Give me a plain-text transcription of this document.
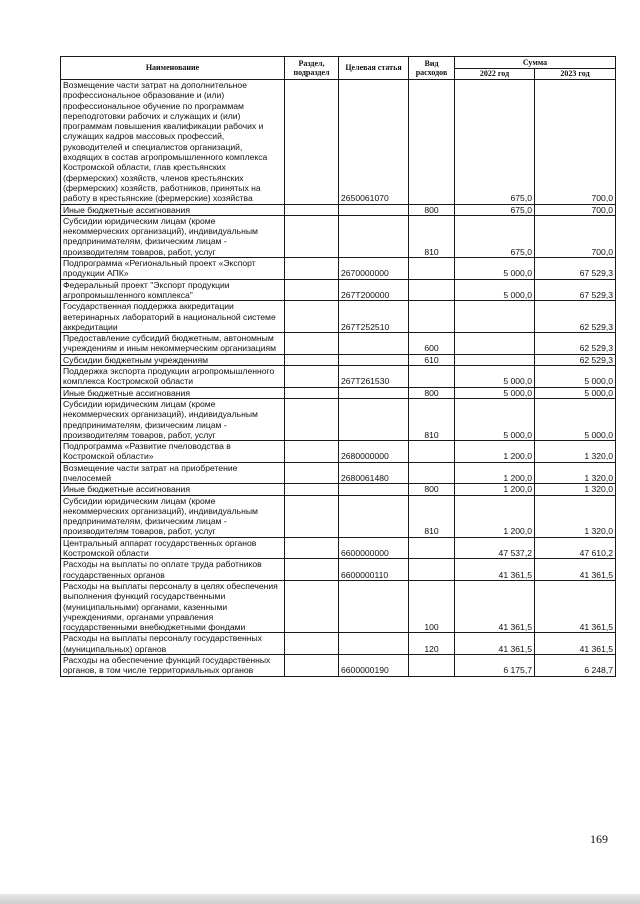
Наименование	Раздел, подраздел	Целевая статья	Вид расходов	Сумма	
				2022 год	2023 год
Возмещение части затрат на дополнительное профессиональное образование и (или) профессиональное обучение по программам переподготовки рабочих и служащих и (или) программам повышения квалификации рабочих и служащих кадров массовых профессий, руководителей и специалистов организаций, входящих в состав агропромышленного комплекса Костромской области, глав крестьянских (фермерских) хозяйств, членов крестьянских (фермерских) хозяйств, работников, принятых на работу в крестьянские (фермерские) хозяйства		2650061070		675,0	700,0
Иные бюджетные ассигнования			800	675,0	700,0
Субсидии юридическим лицам (кроме некоммерческих организаций), индивидуальным предпринимателям, физическим лицам - производителям товаров, работ, услуг			810	675,0	700,0
Подпрограмма «Региональный проект «Экспорт продукции АПК»		2670000000		5 000,0	67 529,3
Федеральный проект "Экспорт продукции агропромышленного комплекса"		267T200000		5 000,0	67 529,3
Государственная поддержка аккредитации ветеринарных лабораторий в национальной системе аккредитации		267T252510			62 529,3
Предоставление субсидий бюджетным, автономным учреждениям и иным некоммерческим организациям			600		62 529,3
Субсидии бюджетным учреждениям			610		62 529,3
Поддержка экспорта продукции агропромышленного комплекса Костромской области		267T261530		5 000,0	5 000,0
Иные бюджетные ассигнования			800	5 000,0	5 000,0
Субсидии юридическим лицам (кроме некоммерческих организаций), индивидуальным предпринимателям, физическим лицам - производителям товаров, работ, услуг			810	5 000,0	5 000,0
Подпрограмма «Развитие пчеловодства в Костромской области»		2680000000		1 200,0	1 320,0
Возмещение части затрат на приобретение пчелосемей		2680061480		1 200,0	1 320,0
Иные бюджетные ассигнования			800	1 200,0	1 320,0
Субсидии юридическим лицам (кроме некоммерческих организаций), индивидуальным предпринимателям, физическим лицам - производителям товаров, работ, услуг			810	1 200,0	1 320,0
Центральный аппарат государственных органов Костромской области		6600000000		47 537,2	47 610,2
Расходы на выплаты по оплате труда работников государственных органов		6600000110		41 361,5	41 361,5
Расходы на выплаты персоналу в целях обеспечения выполнения функций государственными (муниципальными) органами, казенными учреждениями, органами управления государственными внебюджетными фондами			100	41 361,5	41 361,5
Расходы на выплаты персоналу государственных (муниципальных) органов			120	41 361,5	41 361,5
Расходы на обеспечение функций государственных органов, в том числе территориальных органов		6600000190		6 175,7	6 248,7
169
